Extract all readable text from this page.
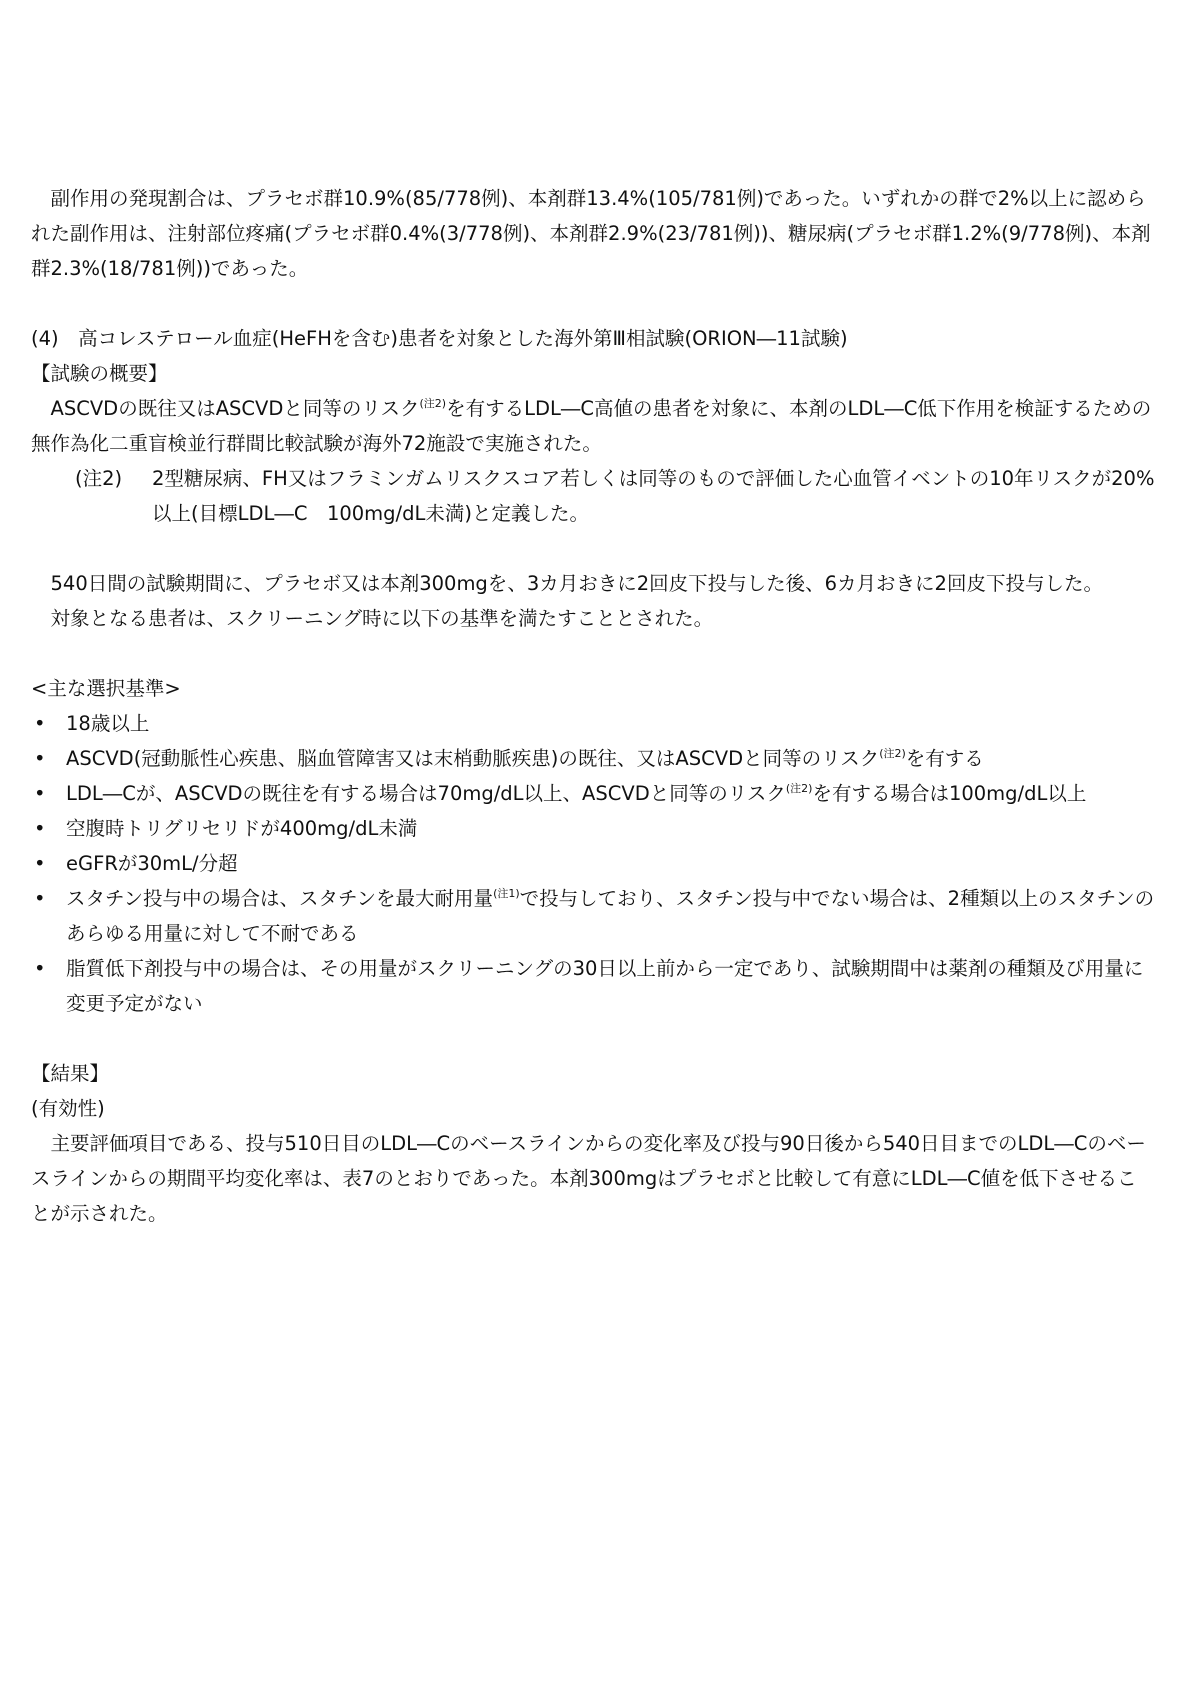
副作用の発現割合は、プラセボ群10.9%(85/778例)、本剤群13.4%(105/781例)であった。いずれかの群で2%以上に認められた副作用は、注射部位疼痛(プラセボ群0.4%(3/778例)、本剤群2.9%(23/781例))、糖尿病(プラセボ群1.2%(9/778例)、本剤群2.3%(18/781例))であった。

(4)　高コレステロール血症(HeFHを含む)患者を対象とした海外第Ⅲ相試験(ORION―11試験)

【試験の概要】

ASCVDの既往又はASCVDと同等のリスク$^{(注2)}$を有するLDL―C高値の患者を対象に、本剤のLDL―C低下作用を検証するための無作為化二重盲検並行群間比較試験が海外72施設で実施された。

(注2)	2型糖尿病、FH又はフラミンガムリスクスコア若しくは同等のもので評価した心血管イベントの10年リスクが20%以上(目標LDL―C　100mg/dL未満)と定義した。

540日間の試験期間に、プラセボ又は本剤300mgを、3カ月おきに2回皮下投与した後、6カ月おきに2回皮下投与した。

対象となる患者は、スクリーニング時に以下の基準を満たすこととされた。

<主な選択基準>

•	18歳以上
•	ASCVD(冠動脈性心疾患、脳血管障害又は末梢動脈疾患)の既往、又はASCVDと同等のリスク$^{(注2)}$を有する
•	LDL―Cが、ASCVDの既往を有する場合は70mg/dL以上、ASCVDと同等のリスク$^{(注2)}$を有する場合は100mg/dL以上
•	空腹時トリグリセリドが400mg/dL未満
•	eGFRが30mL/分超
•	スタチン投与中の場合は、スタチンを最大耐用量$^{(注1)}$で投与しており、スタチン投与中でない場合は、2種類以上のスタチンのあらゆる用量に対して不耐である
•	脂質低下剤投与中の場合は、その用量がスクリーニングの30日以上前から一定であり、試験期間中は薬剤の種類及び用量に変更予定がない

【結果】

(有効性)

主要評価項目である、投与510日目のLDL―Cのベースラインからの変化率及び投与90日後から540日目までのLDL―Cのベースラインからの期間平均変化率は、表7のとおりであった。本剤300mgはプラセボと比較して有意にLDL―C値を低下させることが示された。
